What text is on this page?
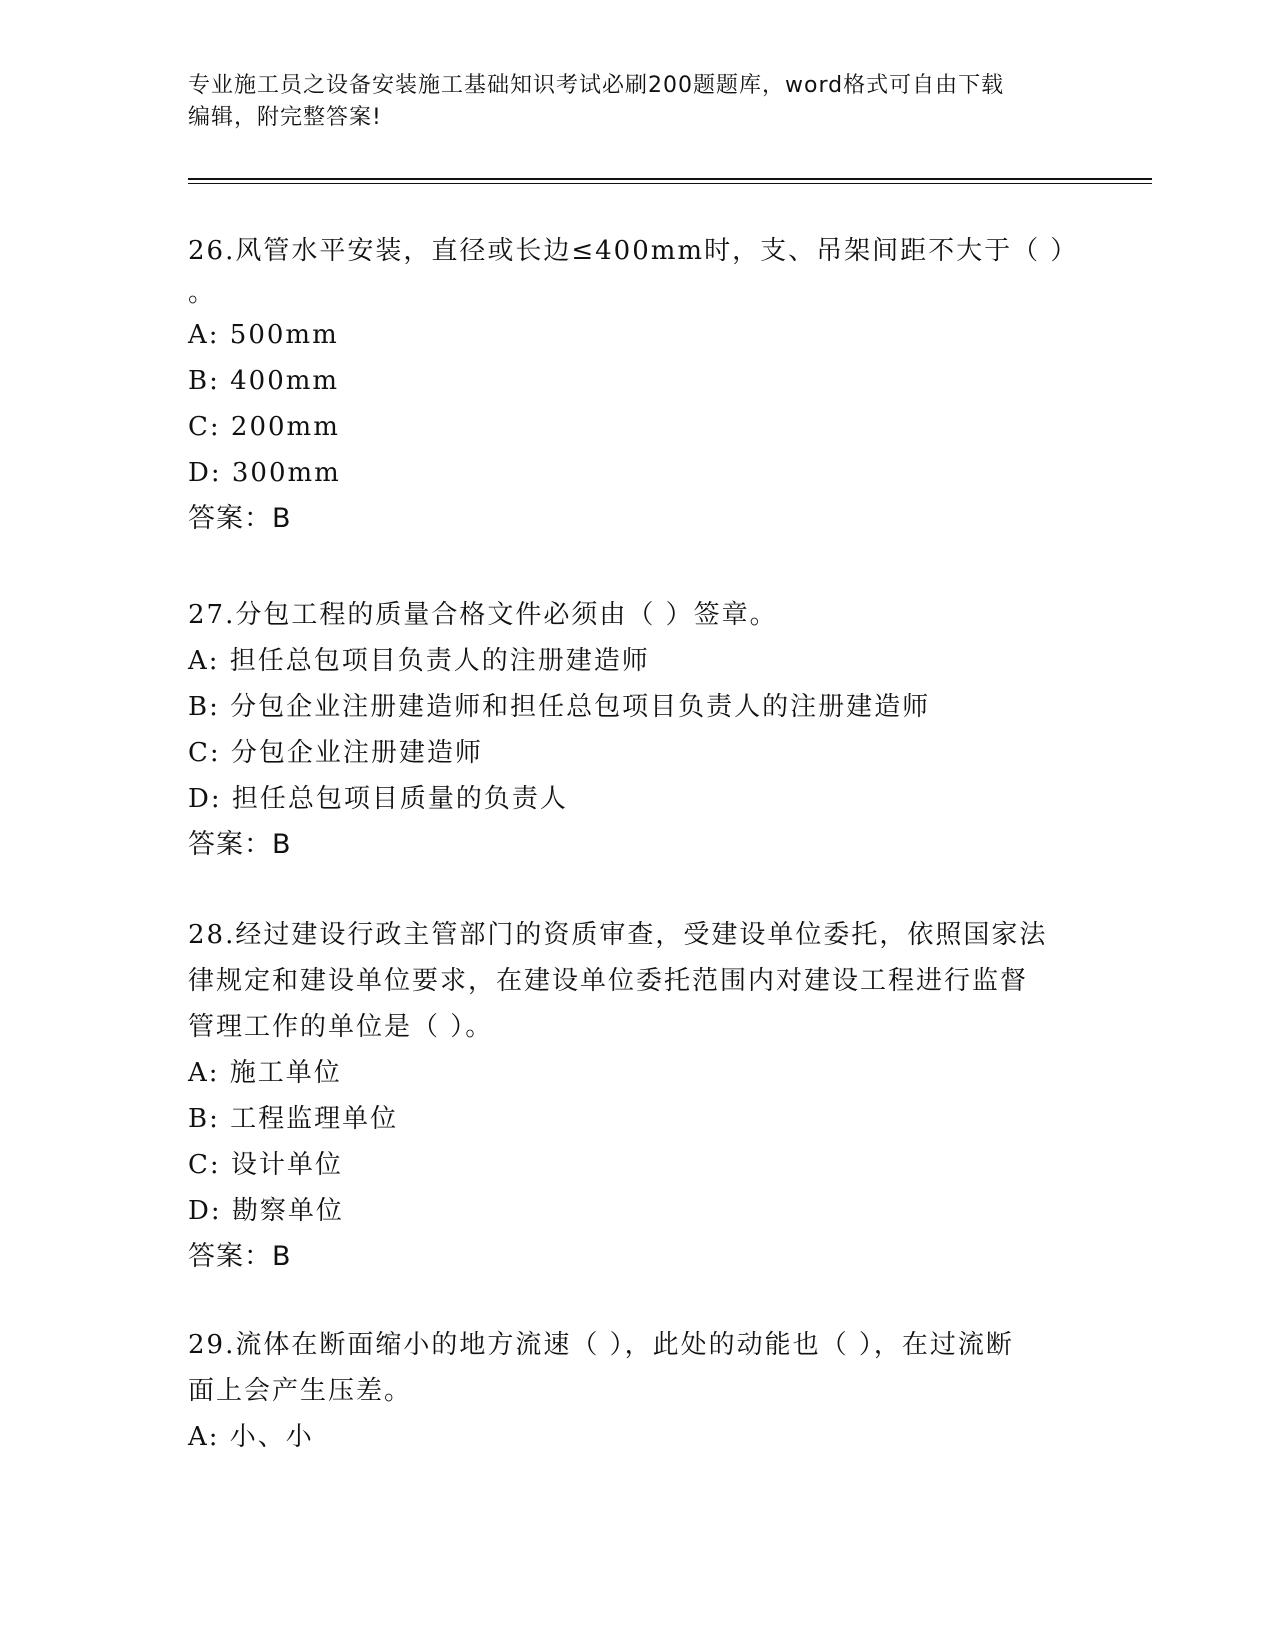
专业施工员之设备安装施工基础知识考试必刷200题题库，word格式可自由下载
编辑，附完整答案!
26.风管水平安装，直径或长边≤400mm时，支、吊架间距不大于（ ）
。
A: 500mm
B: 400mm
C: 200mm
D: 300mm
答案：B
27.分包工程的质量合格文件必须由（ ）签章。
A: 担任总包项目负责人的注册建造师
B: 分包企业注册建造师和担任总包项目负责人的注册建造师
C: 分包企业注册建造师
D: 担任总包项目质量的负责人
答案：B
28.经过建设行政主管部门的资质审查，受建设单位委托，依照国家法
律规定和建设单位要求，在建设单位委托范围内对建设工程进行监督
管理工作的单位是（ ）。
A: 施工单位
B: 工程监理单位
C: 设计单位
D: 勘察单位
答案：B
29.流体在断面缩小的地方流速（ ），此处的动能也（ ），在过流断
面上会产生压差。
A: 小、小
